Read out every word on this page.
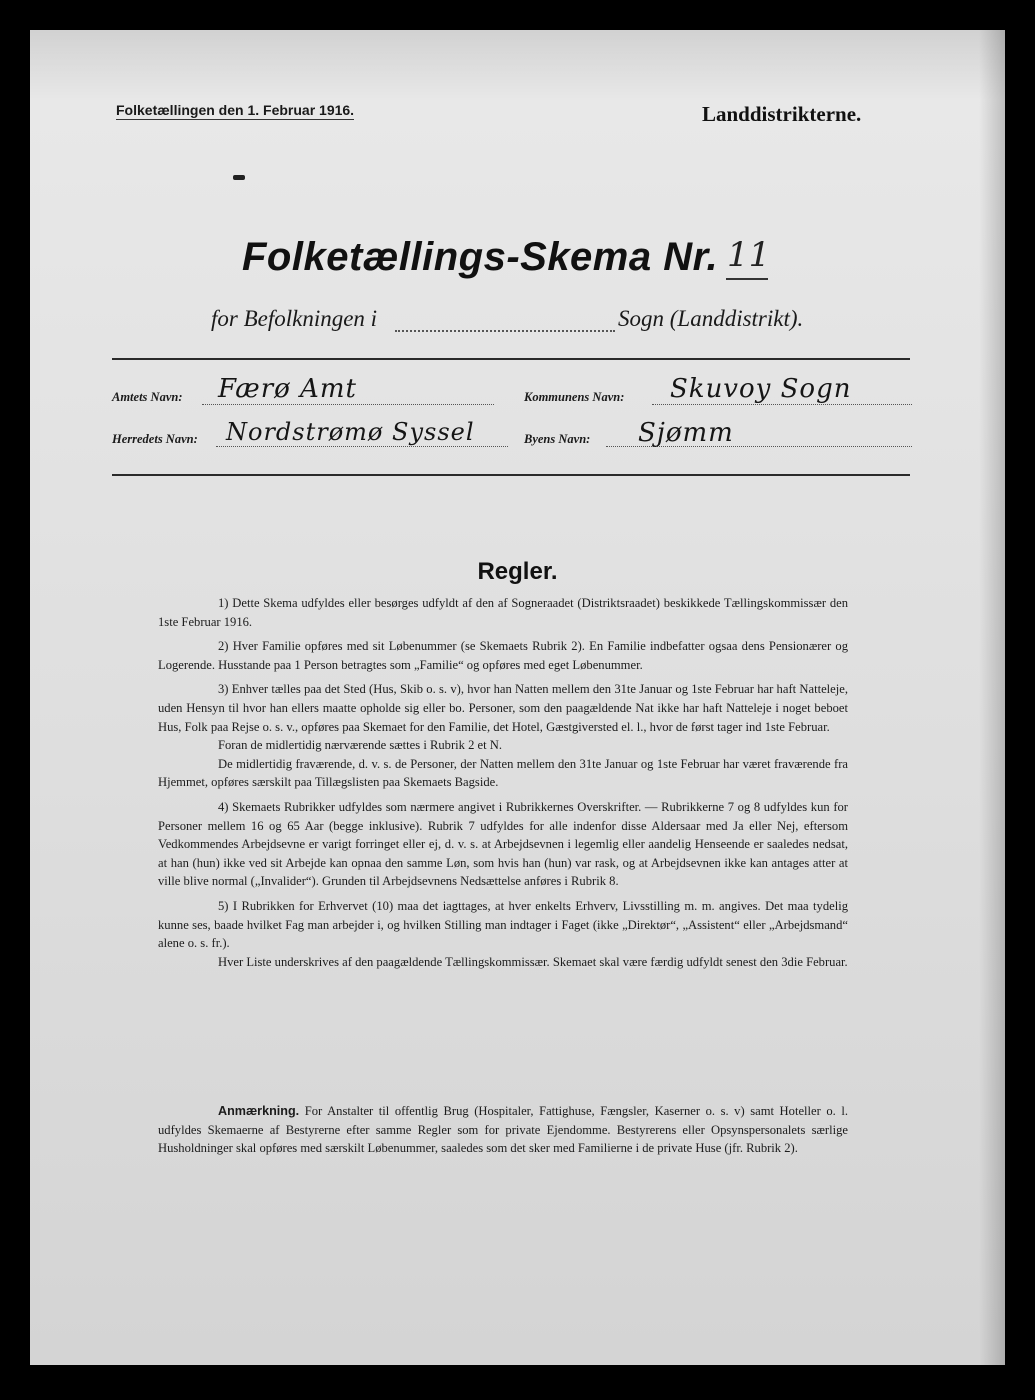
Folketællingen den 1. Februar 1916.	Landdistrikterne.
Folketællings-Skema Nr. 11
for Befolkningen i	Sogn (Landdistrikt).
Amtets Navn: Færø Amt	Kommunens Navn: Skuvoy Sogn
Herredets Navn: Nordstrømø Syssel	Byens Navn: Sjømm
Regler.

1) Dette Skema udfyldes eller besørges udfyldt af den af Sogneraadet (Distriktsraadet) beskikkede Tællingskommissær den 1ste Februar 1916.

2) Hver Familie opføres med sit Løbenummer (se Skemaets Rubrik 2). En Familie indbefatter ogsaa dens Pensionærer og Logerende. Husstande paa 1 Person betragtes som „Familie“ og opføres med eget Løbenummer.

3) Enhver tælles paa det Sted (Hus, Skib o. s. v), hvor han Natten mellem den 31te Januar og 1ste Februar har haft Natteleje, uden Hensyn til hvor han ellers maatte opholde sig eller bo. Personer, som den paagældende Nat ikke har haft Natteleje i noget beboet Hus, Folk paa Rejse o. s. v., opføres paa Skemaet for den Familie, det Hotel, Gæstgiversted el. l., hvor de først tager ind 1ste Februar.

Foran de midlertidig nærværende sættes i Rubrik 2 et N.

De midlertidig fraværende, d. v. s. de Personer, der Natten mellem den 31te Januar og 1ste Februar har været fraværende fra Hjemmet, opføres særskilt paa Tillægslisten paa Skemaets Bagside.

4) Skemaets Rubrikker udfyldes som nærmere angivet i Rubrikkernes Overskrifter. — Rubrikkerne 7 og 8 udfyldes kun for Personer mellem 16 og 65 Aar (begge inklusive). Rubrik 7 udfyldes for alle indenfor disse Aldersaar med Ja eller Nej, eftersom Vedkommendes Arbejdsevne er varigt forringet eller ej, d. v. s. at Arbejdsevnen i legemlig eller aandelig Henseende er saaledes nedsat, at han (hun) ikke ved sit Arbejde kan opnaa den samme Løn, som hvis han (hun) var rask, og at Arbejdsevnen ikke kan antages atter at ville blive normal („Invalider“). Grunden til Arbejdsevnens Nedsættelse anføres i Rubrik 8.

5) I Rubrikken for Erhvervet (10) maa det iagttages, at hver enkelts Erhverv, Livsstilling m. m. angives. Det maa tydelig kunne ses, baade hvilket Fag man arbejder i, og hvilken Stilling man indtager i Faget (ikke „Direktør“, „Assistent“ eller „Arbejdsmand“ alene o. s. fr.).

Hver Liste underskrives af den paagældende Tællingskommissær. Skemaet skal være færdig udfyldt senest den 3die Februar.

Anmærkning. For Anstalter til offentlig Brug (Hospitaler, Fattighuse, Fængsler, Kaserner o. s. v) samt Hoteller o. l. udfyldes Skemaerne af Bestyrerne efter samme Regler som for private Ejendomme. Bestyrerens eller Opsynspersonalets særlige Husholdninger skal opføres med særskilt Løbenummer, saaledes som det sker med Familierne i de private Huse (jfr. Rubrik 2).
